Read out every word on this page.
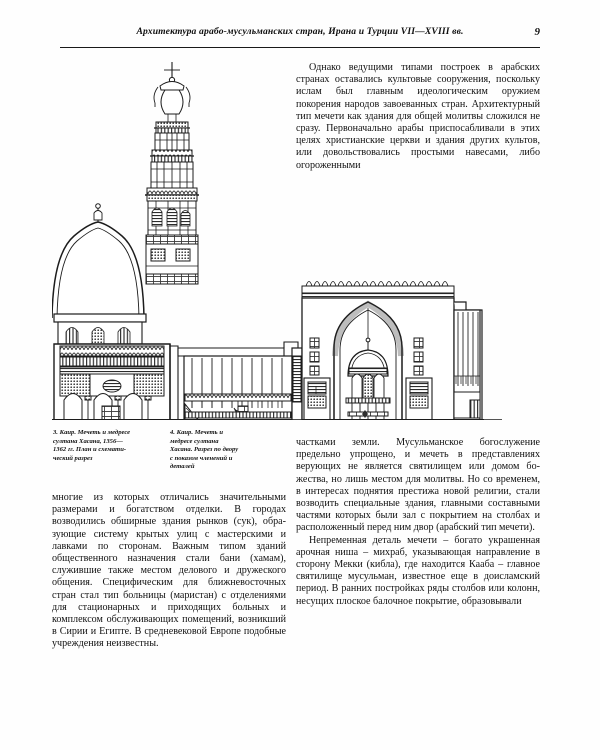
Архитектура арабо-мусульманских стран, Ирана и Турции VII—XVIII вв.	9
3. Каир. Мечеть и медресе
султана Хасана, 1356—
1362 гг. План и схемати-
ческий разрез
4. Каир. Мечеть и
медресе султана
Хасана. Разрез по двору
с показом членений и
деталей

Однако ведущими типами построек в арабских странах оставались культовые сооружения, поскольку ислам был главным идеологическим оружием покорения народов завоеванных стран. Архитектурный тип мечети как здания для общей молитвы сложился не сразу. Первоначально арабы приспосабливали в этих целях христианские церкви и здания других культов, или довольствовались простыми навесами, либо огороженными

частками земли. Мусульманское богослужение предельно упрощено, и мечеть в представлениях верующих не является святилищем или домом божества, но лишь местом для молитвы. Но со временем, в интересах поднятия престижа новой религии, стали возводить специальные здания, главными составными частями которых были зал с покрытием на столбах и расположенный перед ним двор (арабский тип мечети).

Непременная деталь мечети – богато украшенная арочная ниша – михраб, указывающая направление в сторону Мекки (кибла), где находится Кааба – главное святилище мусульман, известное еще в доисламский период. В ранних постройках ряды столбов или колонн, несущих плоское балочное покрытие, образовывали

многие из которых отличались значительными размерами и богатством отделки. В городах возводились обширные здания рынков (сук), образующие систему крытых улиц с мастерскими и лавками по сторонам. Важным типом зданий общественного назначения стали бани (хамам), служившие также местом делового и дружеского общения. Специфическим для ближневосточных стран стал тип больницы (маристан) с отделениями для стационарных и приходящих больных и комплексом обслуживающих помещений, возникший в Сирии и Египте. В средневековой Европе подобные учреждения неизвестны.
